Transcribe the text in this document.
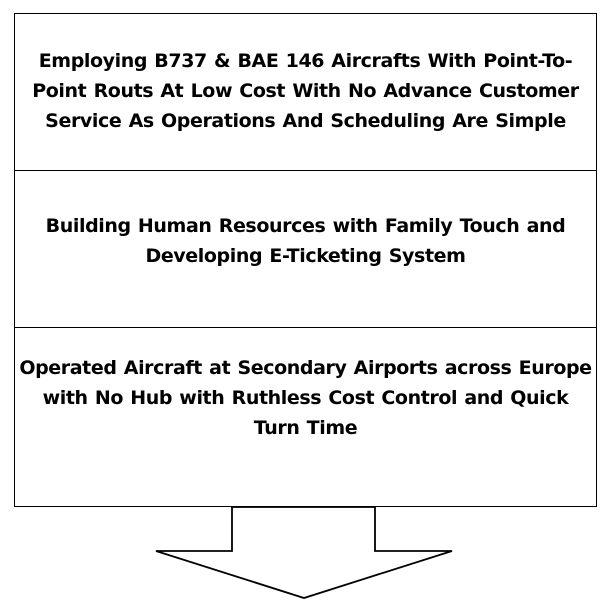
Employing B737 & BAE 146 Aircrafts With Point-To-
Point Routs At Low Cost With No Advance Customer
Service As Operations And Scheduling Are Simple
Building Human Resources with Family Touch and
Developing E-Ticketing System
Operated Aircraft at Secondary Airports across Europe
with No Hub with Ruthless Cost Control and Quick
Turn Time
